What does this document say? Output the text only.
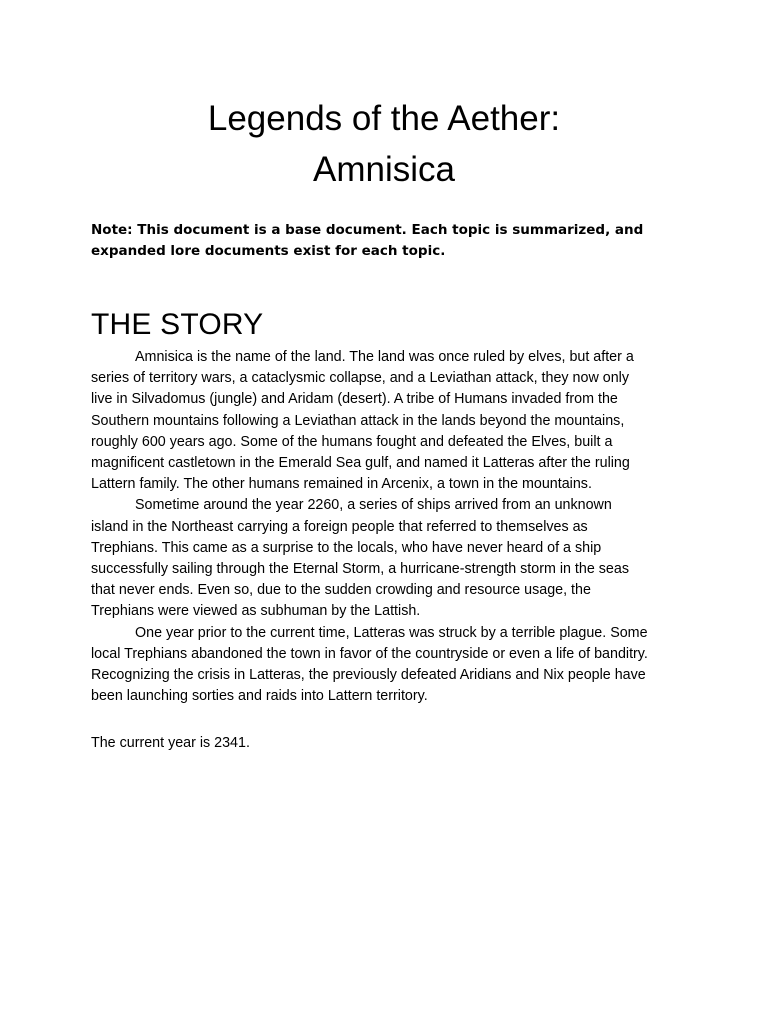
Legends of the Aether:
Amnisica

Note: This document is a base document. Each topic is summarized, and
expanded lore documents exist for each topic.

THE STORY

Amnisica is the name of the land. The land was once ruled by elves, but after a
series of territory wars, a cataclysmic collapse, and a Leviathan attack, they now only
live in Silvadomus (jungle) and Aridam (desert). A tribe of Humans invaded from the
Southern mountains following a Leviathan attack in the lands beyond the mountains,
roughly 600 years ago. Some of the humans fought and defeated the Elves, built a
magnificent castletown in the Emerald Sea gulf, and named it Latteras after the ruling
Lattern family. The other humans remained in Arcenix, a town in the mountains.

Sometime around the year 2260, a series of ships arrived from an unknown
island in the Northeast carrying a foreign people that referred to themselves as
Trephians. This came as a surprise to the locals, who have never heard of a ship
successfully sailing through the Eternal Storm, a hurricane-strength storm in the seas
that never ends. Even so, due to the sudden crowding and resource usage, the
Trephians were viewed as subhuman by the Lattish.

One year prior to the current time, Latteras was struck by a terrible plague. Some
local Trephians abandoned the town in favor of the countryside or even a life of banditry.
Recognizing the crisis in Latteras, the previously defeated Aridians and Nix people have
been launching sorties and raids into Lattern territory.

The current year is 2341.
